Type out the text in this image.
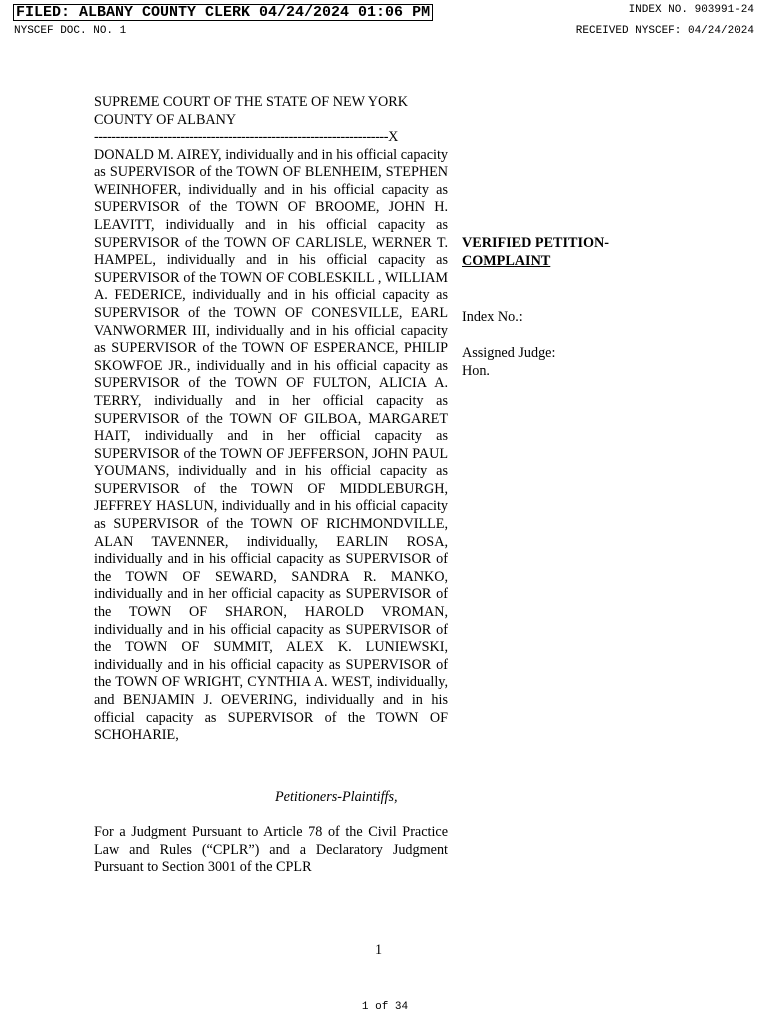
FILED: ALBANY COUNTY CLERK 04/24/2024 01:06 PM	INDEX NO. 903991-24
NYSCEF DOC. NO. 1	RECEIVED NYSCEF: 04/24/2024
SUPREME COURT OF THE STATE OF NEW YORK
COUNTY OF ALBANY
--------------------------------------------------------------------X
DONALD M. AIREY, individually and in his official capacity as SUPERVISOR of the TOWN OF BLENHEIM, STEPHEN WEINHOFER, individually and in his official capacity as SUPERVISOR of the TOWN OF BROOME, JOHN H. LEAVITT, individually and in his official capacity as SUPERVISOR of the TOWN OF CARLISLE, WERNER T. HAMPEL, individually and in his official capacity as SUPERVISOR of the TOWN OF COBLESKILL , WILLIAM A. FEDERICE, individually and in his official capacity as SUPERVISOR of the TOWN OF CONESVILLE, EARL VANWORMER III, individually and in his official capacity as SUPERVISOR of the TOWN OF ESPERANCE, PHILIP SKOWFOE JR., individually and in his official capacity as SUPERVISOR of the TOWN OF FULTON, ALICIA A. TERRY, individually and in her official capacity as SUPERVISOR of the TOWN OF GILBOA, MARGARET HAIT, individually and in her official capacity as SUPERVISOR of the TOWN OF JEFFERSON, JOHN PAUL YOUMANS, individually and in his official capacity as SUPERVISOR of the TOWN OF MIDDLEBURGH, JEFFREY HASLUN, individually and in his official capacity as SUPERVISOR of the TOWN OF RICHMONDVILLE, ALAN TAVENNER, individually, EARLIN ROSA, individually and in his official capacity as SUPERVISOR of the TOWN OF SEWARD, SANDRA R. MANKO, individually and in her official capacity as SUPERVISOR of the TOWN OF SHARON, HAROLD VROMAN, individually and in his official capacity as SUPERVISOR of the TOWN OF SUMMIT, ALEX K. LUNIEWSKI, individually and in his official capacity as SUPERVISOR of the TOWN OF WRIGHT, CYNTHIA A. WEST, individually, and BENJAMIN J. OEVERING, individually and in his official capacity as SUPERVISOR of the TOWN OF SCHOHARIE,
VERIFIED PETITION-
COMPLAINT
Index No.:
Assigned Judge:
Hon.
Petitioners-Plaintiffs,
For a Judgment Pursuant to Article 78 of the Civil Practice Law and Rules (“CPLR”) and a Declaratory Judgment Pursuant to Section 3001 of the CPLR
1
1 of 34
